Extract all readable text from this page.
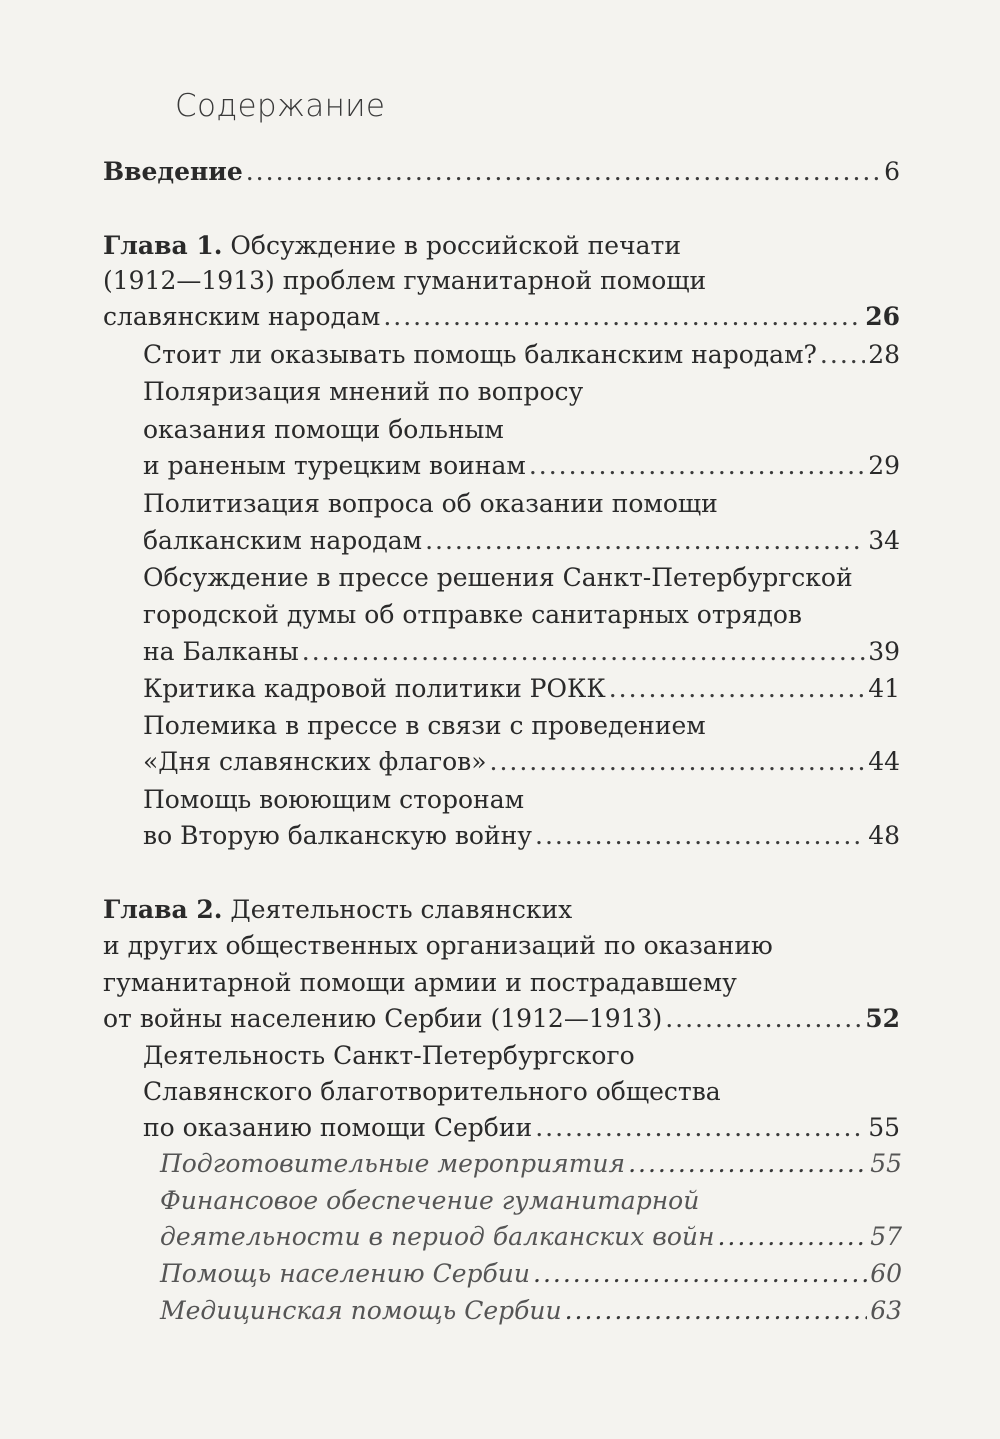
Содержание
Введение .....	6
Глава 1. Обсуждение в российской печати
(1912—1913) проблем гуманитарной помощи
славянским народам .....	26
Стоит ли оказывать помощь балканским народам? ..... 28
Поляризация мнений по вопросу
оказания помощи больным
и раненым турецким воинам .....	29
Политизация вопроса об оказании помощи
балканским народам .....	34
Обсуждение в прессе решения Санкт-Петербургской
городской думы об отправке санитарных отрядов
на Балканы .....	39
Критика кадровой политики РОКК .....	41
Полемика в прессе в связи с проведением
«Дня славянских флагов» .....	44
Помощь воюющим сторонам
во Вторую балканскую войну .....	48
Глава 2. Деятельность славянских
и других общественных организаций по оказанию
гуманитарной помощи армии и пострадавшему
от войны населению Сербии (1912—1913) .....	52
Деятельность Санкт-Петербургского
Славянского благотворительного общества
по оказанию помощи Сербии .....	55
Подготовительные мероприятия .....	55
Финансовое обеспечение гуманитарной
деятельности в период балканских войн .....	57
Помощь населению Сербии .....	60
Медицинская помощь Сербии .....	63
